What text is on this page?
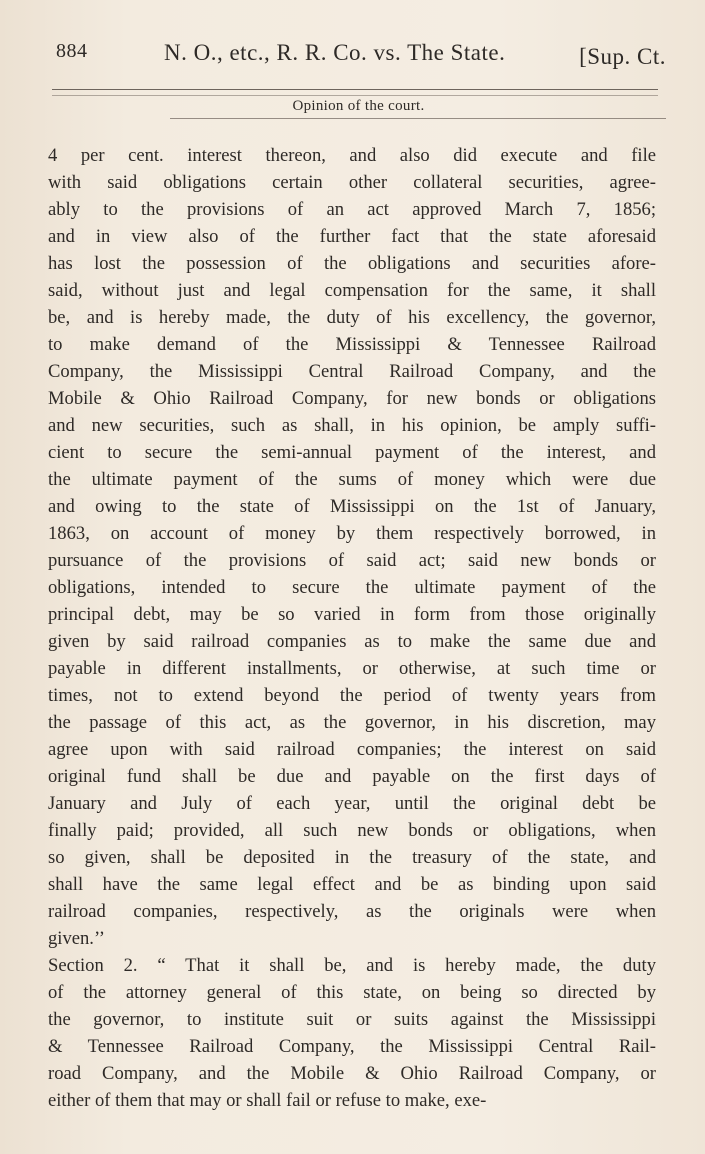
884	N. O., etc., R. R. Co. vs. The State.	[Sup. Ct.
Opinion of the court.
4 per cent. interest thereon, and also did execute and file
with said obligations certain other collateral securities, agree-
ably to the provisions of an act approved March 7, 1856;
and in view also of the further fact that the state aforesaid
has lost the possession of the obligations and securities afore-
said, without just and legal compensation for the same, it shall
be, and is hereby made, the duty of his excellency, the governor,
to make demand of the Mississippi & Tennessee Railroad
Company, the Mississippi Central Railroad Company, and the
Mobile & Ohio Railroad Company, for new bonds or obligations
and new securities, such as shall, in his opinion, be amply suffi-
cient to secure the semi-annual payment of the interest, and
the ultimate payment of the sums of money which were due
and owing to the state of Mississippi on the 1st of January,
1863, on account of money by them respectively borrowed, in
pursuance of the provisions of said act; said new bonds or
obligations, intended to secure the ultimate payment of the
principal debt, may be so varied in form from those originally
given by said railroad companies as to make the same due and
payable in different installments, or otherwise, at such time or
times, not to extend beyond the period of twenty years from
the passage of this act, as the governor, in his discretion, may
agree upon with said railroad companies; the interest on said
original fund shall be due and payable on the first days of
January and July of each year, until the original debt be
finally paid; provided, all such new bonds or obligations, when
so given, shall be deposited in the treasury of the state, and
shall have the same legal effect and be as binding upon said
railroad companies, respectively, as the originals were when
given.’’
Section 2. “ That it shall be, and is hereby made, the duty
of the attorney general of this state, on being so directed by
the governor, to institute suit or suits against the Mississippi
& Tennessee Railroad Company, the Mississippi Central Rail-
road Company, and the Mobile & Ohio Railroad Company, or
either of them that may or shall fail or refuse to make, exe-
